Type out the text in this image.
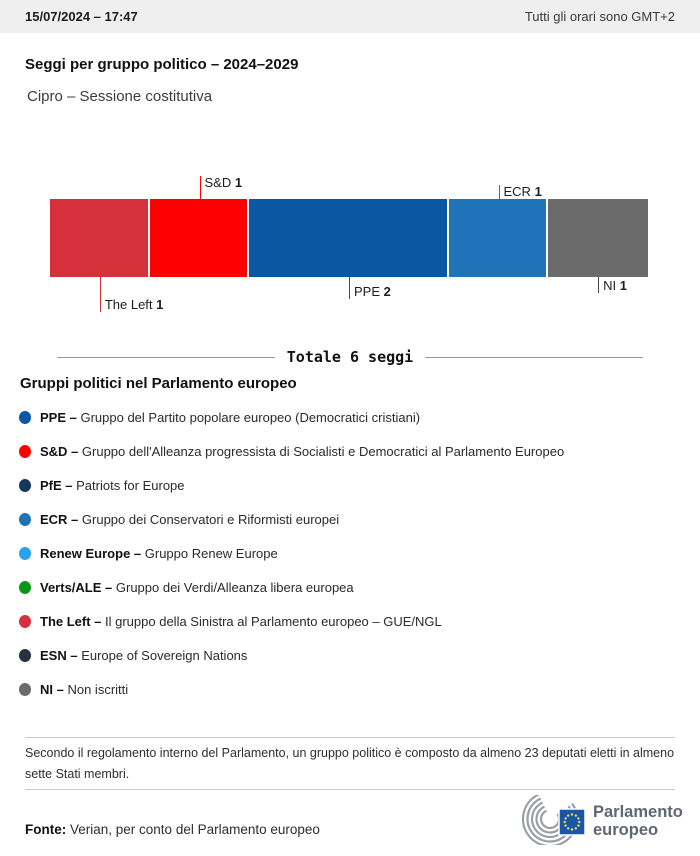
15/07/2024 – 17:47	Tutti gli orari sono GMT+2
Seggi per gruppo politico – 2024–2029
Cipro – Sessione costitutiva
The Left 1
S&D 1
PPE 2
ECR 1
NI 1
Totale 6 seggi
Gruppi politici nel Parlamento europeo
PPE – Gruppo del Partito popolare europeo (Democratici cristiani)
S&D – Gruppo dell'Alleanza progressista di Socialisti e Democratici al Parlamento Europeo
PfE – Patriots for Europe
ECR – Gruppo dei Conservatori e Riformisti europei
Renew Europe – Gruppo Renew Europe
Verts/ALE – Gruppo dei Verdi/Alleanza libera europea
The Left – Il gruppo della Sinistra al Parlamento europeo – GUE/NGL
ESN – Europe of Sovereign Nations
NI – Non iscritti
Secondo il regolamento interno del Parlamento, un gruppo politico è composto da almeno 23 deputati eletti in almeno sette Stati membri.
Fonte: Verian, per conto del Parlamento europeo
Parlamento
europeo
